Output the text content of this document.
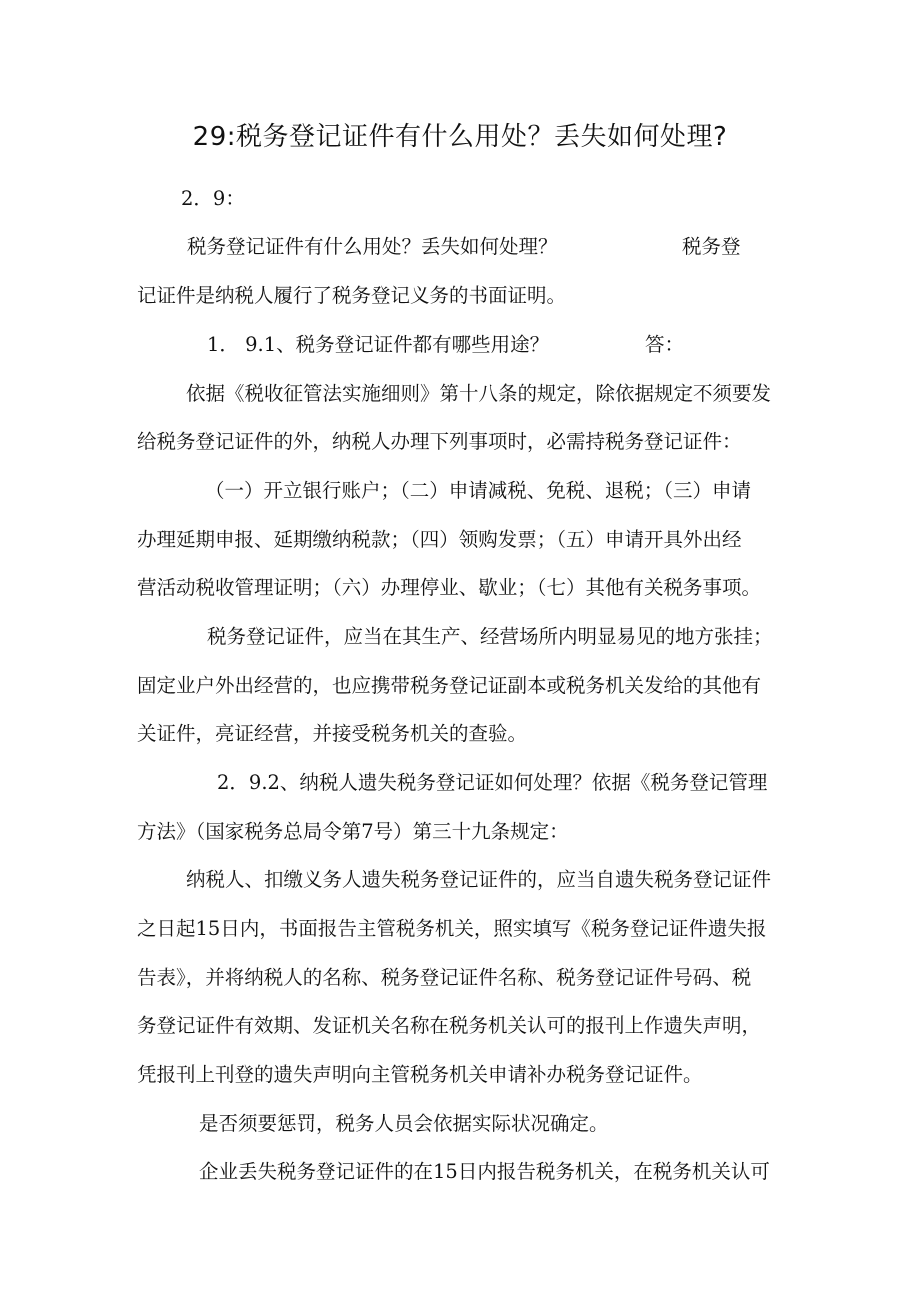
29:税务登记证件有什么用处？丢失如何处理?
2．9：
税务登记证件有什么用处？丢失如何处理？	税务登
记证件是纳税人履行了税务登记义务的书面证明。
1． 9.1、税务登记证件都有哪些用途？	答：
依据《税收征管法实施细则》第十八条的规定，除依据规定不须要发
给税务登记证件的外，纳税人办理下列事项时，必需持税务登记证件：
（一）开立银行账户；（二）申请减税、免税、退税；（三）申请
办理延期申报、延期缴纳税款；（四）领购发票；（五）申请开具外出经
营活动税收管理证明；（六）办理停业、歇业；（七）其他有关税务事项。
税务登记证件，应当在其生产、经营场所内明显易见的地方张挂；
固定业户外出经营的，也应携带税务登记证副本或税务机关发给的其他有
关证件，亮证经营，并接受税务机关的查验。
2．9.2、纳税人遗失税务登记证如何处理？依据《税务登记管理
方法》（国家税务总局令第7号）第三十九条规定：
纳税人、扣缴义务人遗失税务登记证件的，应当自遗失税务登记证件
之日起15日内，书面报告主管税务机关，照实填写《税务登记证件遗失报
告表》，并将纳税人的名称、税务登记证件名称、税务登记证件号码、税
务登记证件有效期、发证机关名称在税务机关认可的报刊上作遗失声明，
凭报刊上刊登的遗失声明向主管税务机关申请补办税务登记证件。
是否须要惩罚，税务人员会依据实际状况确定。
企业丢失税务登记证件的在15日内报告税务机关，在税务机关认可
